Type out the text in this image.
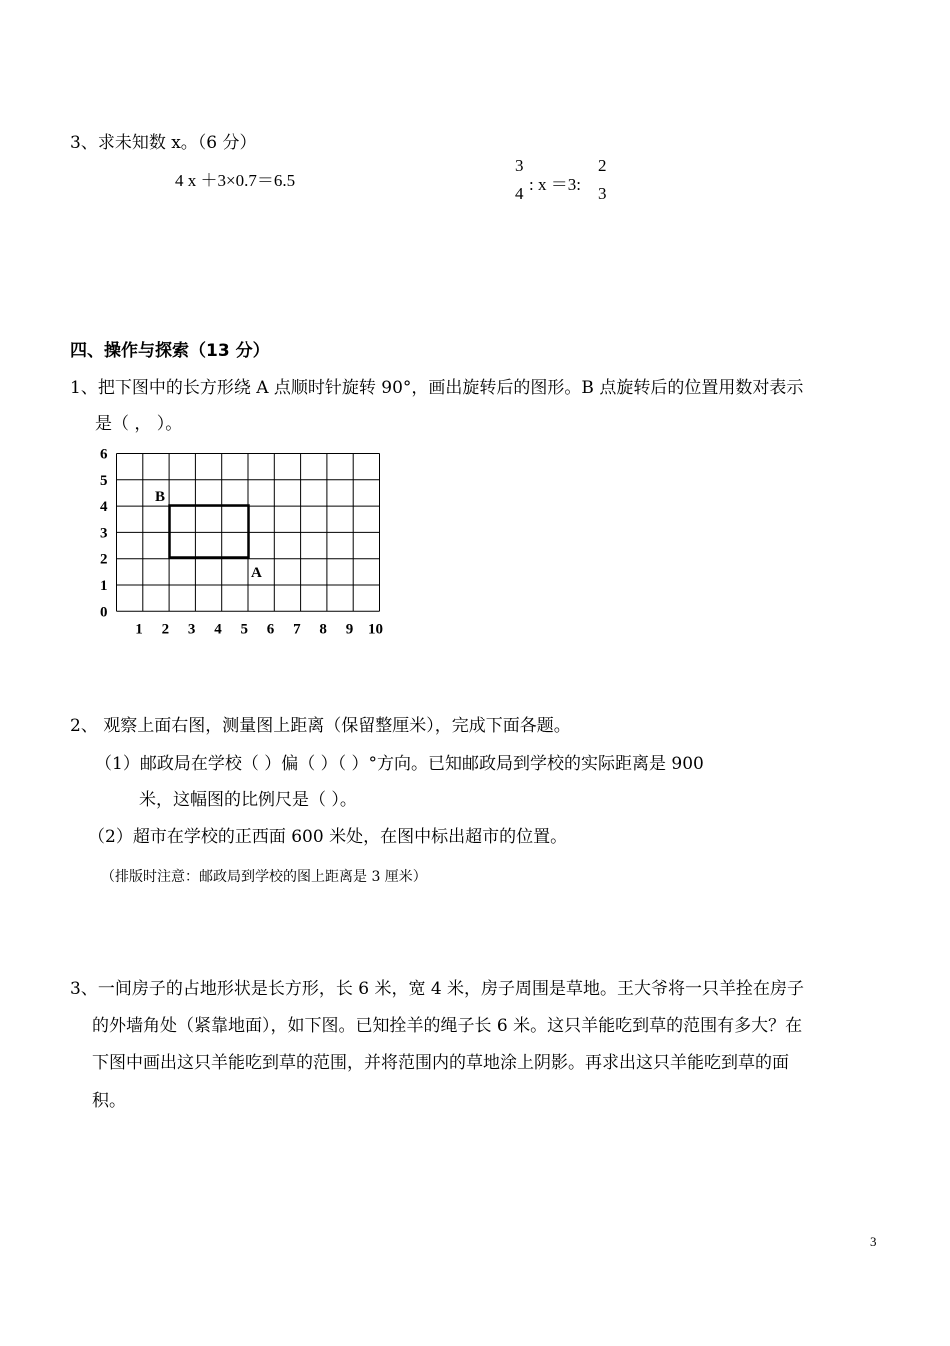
3、求未知数 x。（6 分）
4 x ＋3×0.7＝6.5
3
4 : x ＝3:
2
3
四、操作与探索（13 分）
1、把下图中的长方形绕 A 点顺时针旋转 90°，画出旋转后的图形。B 点旋转后的位置用数对表示
是（ ， ）。
0
1
2
3
4
5
6
1 2 3 4 5 6 7 8 9 10
B
A
2、 观察上面右图，测量图上距离（保留整厘米），完成下面各题。
（1）邮政局在学校（ ）偏（ ）（ ）°方向。已知邮政局到学校的实际距离是 900
米，这幅图的比例尺是（ ）。
（2）超市在学校的正西面 600 米处，在图中标出超市的位置。
（排版时注意：邮政局到学校的图上距离是 3 厘米）
3、一间房子的占地形状是长方形，长 6 米，宽 4 米，房子周围是草地。王大爷将一只羊拴在房子
的外墙角处（紧靠地面），如下图。已知拴羊的绳子长 6 米。这只羊能吃到草的范围有多大？在
下图中画出这只羊能吃到草的范围，并将范围内的草地涂上阴影。再求出这只羊能吃到草的面
积。
3
